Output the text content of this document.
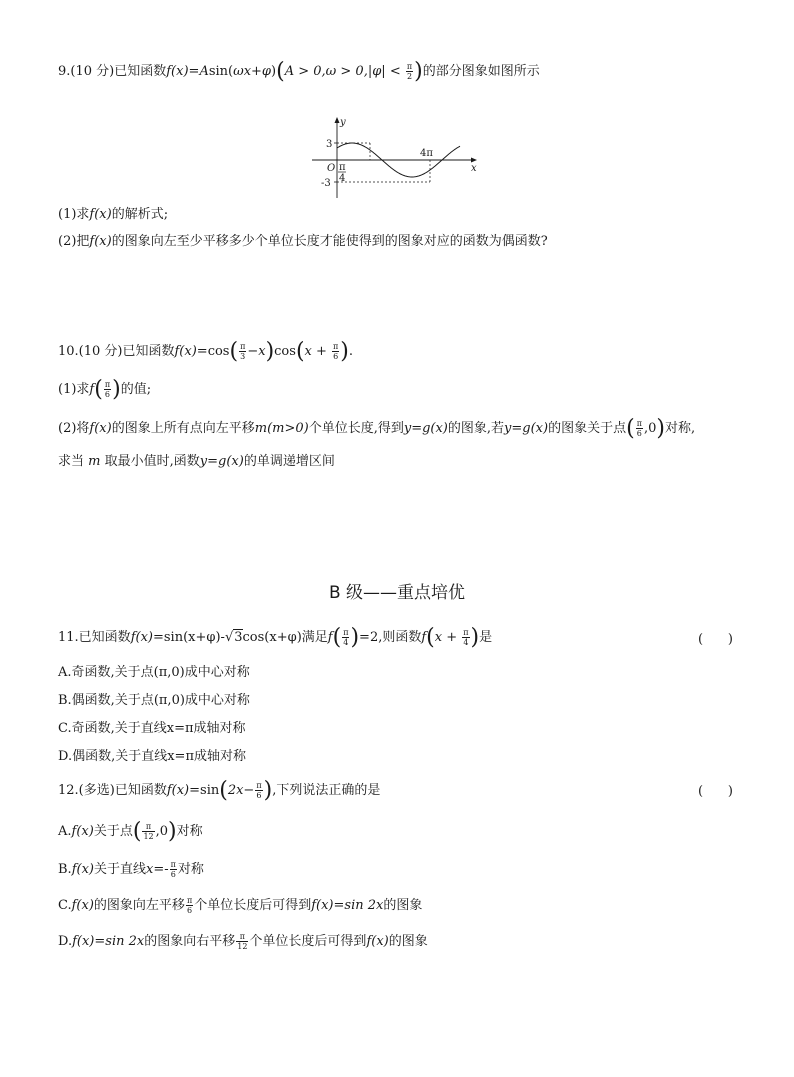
9.(10 分)已知函数$f(x)=Asin(\omega x+\varphi)(A > 0,\omega > 0,|\varphi| < \frac{\pi}{2}$ )的部分图象如图所示
y
x
3
-3
O π
4
4π
(1)求f(x)的解析式;
(2)把f(x)的图象向左至少平移多少个单位长度才能使得到的图象对应的函数为偶函数?
10.(10 分)已知函数$f(x)=\cos( \frac{\pi}{3} -x)\cos(x + \frac{\pi}{6}$ ).
(1)求$f( \frac{\pi}{6}$ )的值;
(2)将f(x)的图象上所有点向左平移m(m>0)个单位长度,得到y=g(x)的图象,若y=g(x)的图象关于点( $\frac{\pi}{6} ,0$)对称,
求当 m 取最小值时,函数y=g(x)的单调递增区间
B 级——重点培优
11.已知函数f(x)=sin(x+φ)-√3cos(x+φ)满足$f( \frac{\pi}{4} )=2$,则函数$f(x + \frac{\pi}{4}$ )是	(      )
A.奇函数,关于点(π,0)成中心对称
B.偶函数,关于点(π,0)成中心对称
C.奇函数,关于直线x=π成轴对称
D.偶函数,关于直线x=π成轴对称
12.(多选)已知函数$f(x)=\sin(2x- \frac{\pi}{6}$ ),下列说法正确的是	(      )
A.f(x)关于点( $\frac{\pi}{12} ,0$)对称
B.f(x)关于直线$x=- \frac{\pi}{6}$ 对称
C.f(x)的图象向左平移 $\frac{\pi}{6}$ 个单位长度后可得到f(x)=sin 2x的图象
D.f(x)=sin 2x的图象向右平移 $\frac{\pi}{12}$ 个单位长度后可得到f(x)的图象
